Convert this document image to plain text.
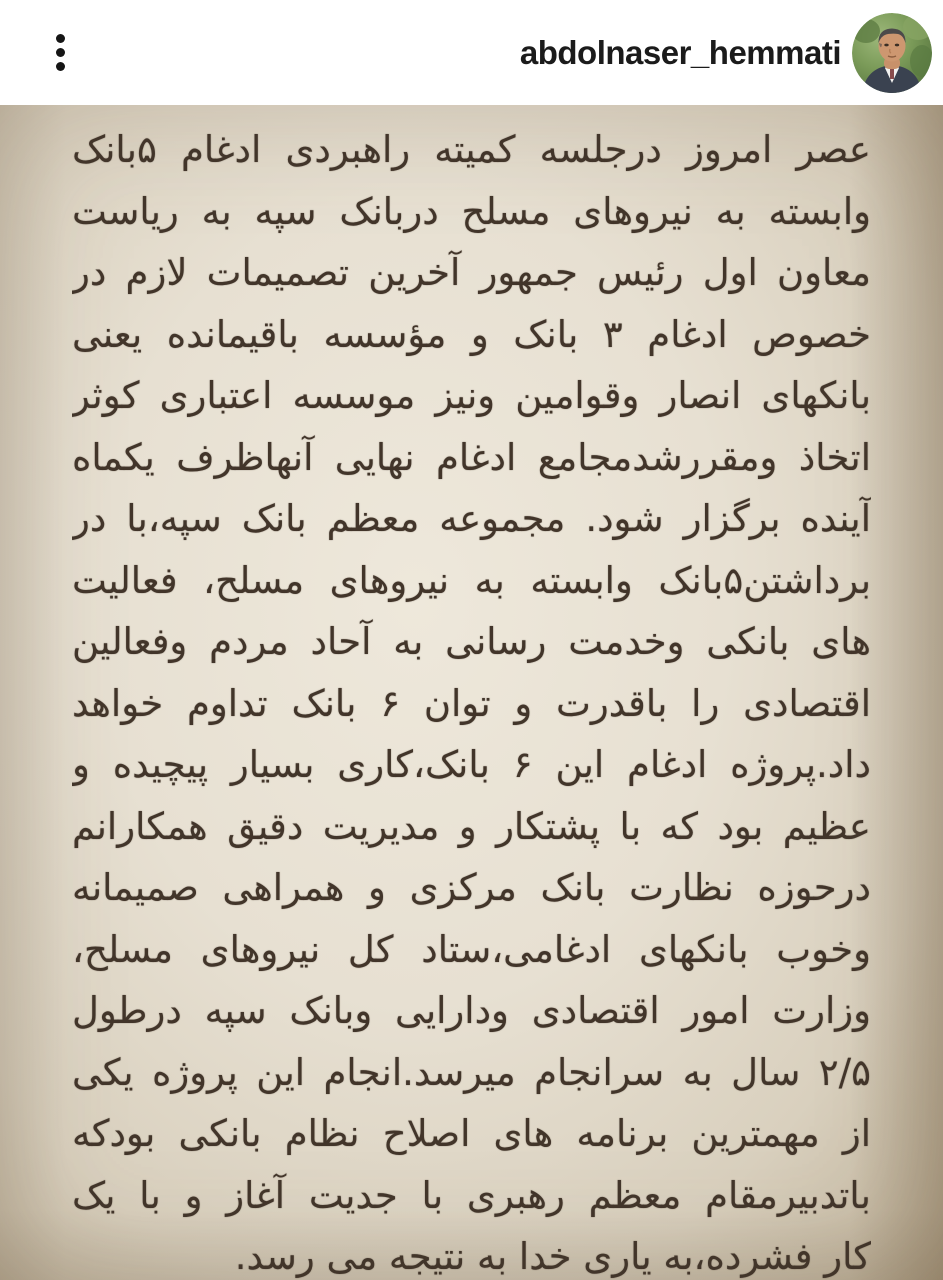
abdolnaser_hemmati
عصر امروز درجلسه کمیته راهبردی ادغام ۵بانک
وابسته به نیروهای مسلح دربانک سپه به ریاست
معاون اول رئیس جمهور آخرین تصمیمات لازم در
خصوص ادغام ۳ بانک و مؤسسه باقیمانده یعنی
بانکهای انصار وقوامین ونیز موسسه اعتباری کوثر
اتخاذ ومقررشدمجامع ادغام نهایی آنهاظرف یکماه
آینده برگزار شود. مجموعه معظم بانک سپه،با در
برداشتن۵بانک وابسته به نیروهای مسلح، فعالیت
های بانکی وخدمت رسانی به آحاد مردم وفعالین
اقتصادی را باقدرت و توان ۶ بانک تداوم خواهد
داد.پروژه ادغام این ۶ بانک،کاری بسیار پیچیده و
عظیم بود که با پشتکار و مدیریت دقیق همکارانم
درحوزه نظارت بانک مرکزی و همراهی صمیمانه
وخوب بانکهای ادغامی،ستاد کل نیروهای مسلح،
وزارت امور اقتصادی ودارایی وبانک سپه درطول
۲/۵ سال به سرانجام میرسد.انجام این پروژه یکی
از مهمترین برنامه های اصلاح نظام بانکی بودکه
باتدبیرمقام معظم رهبری با جدیت آغاز و با یک
کار فشرده،به یاری خدا به نتیجه می رسد.
